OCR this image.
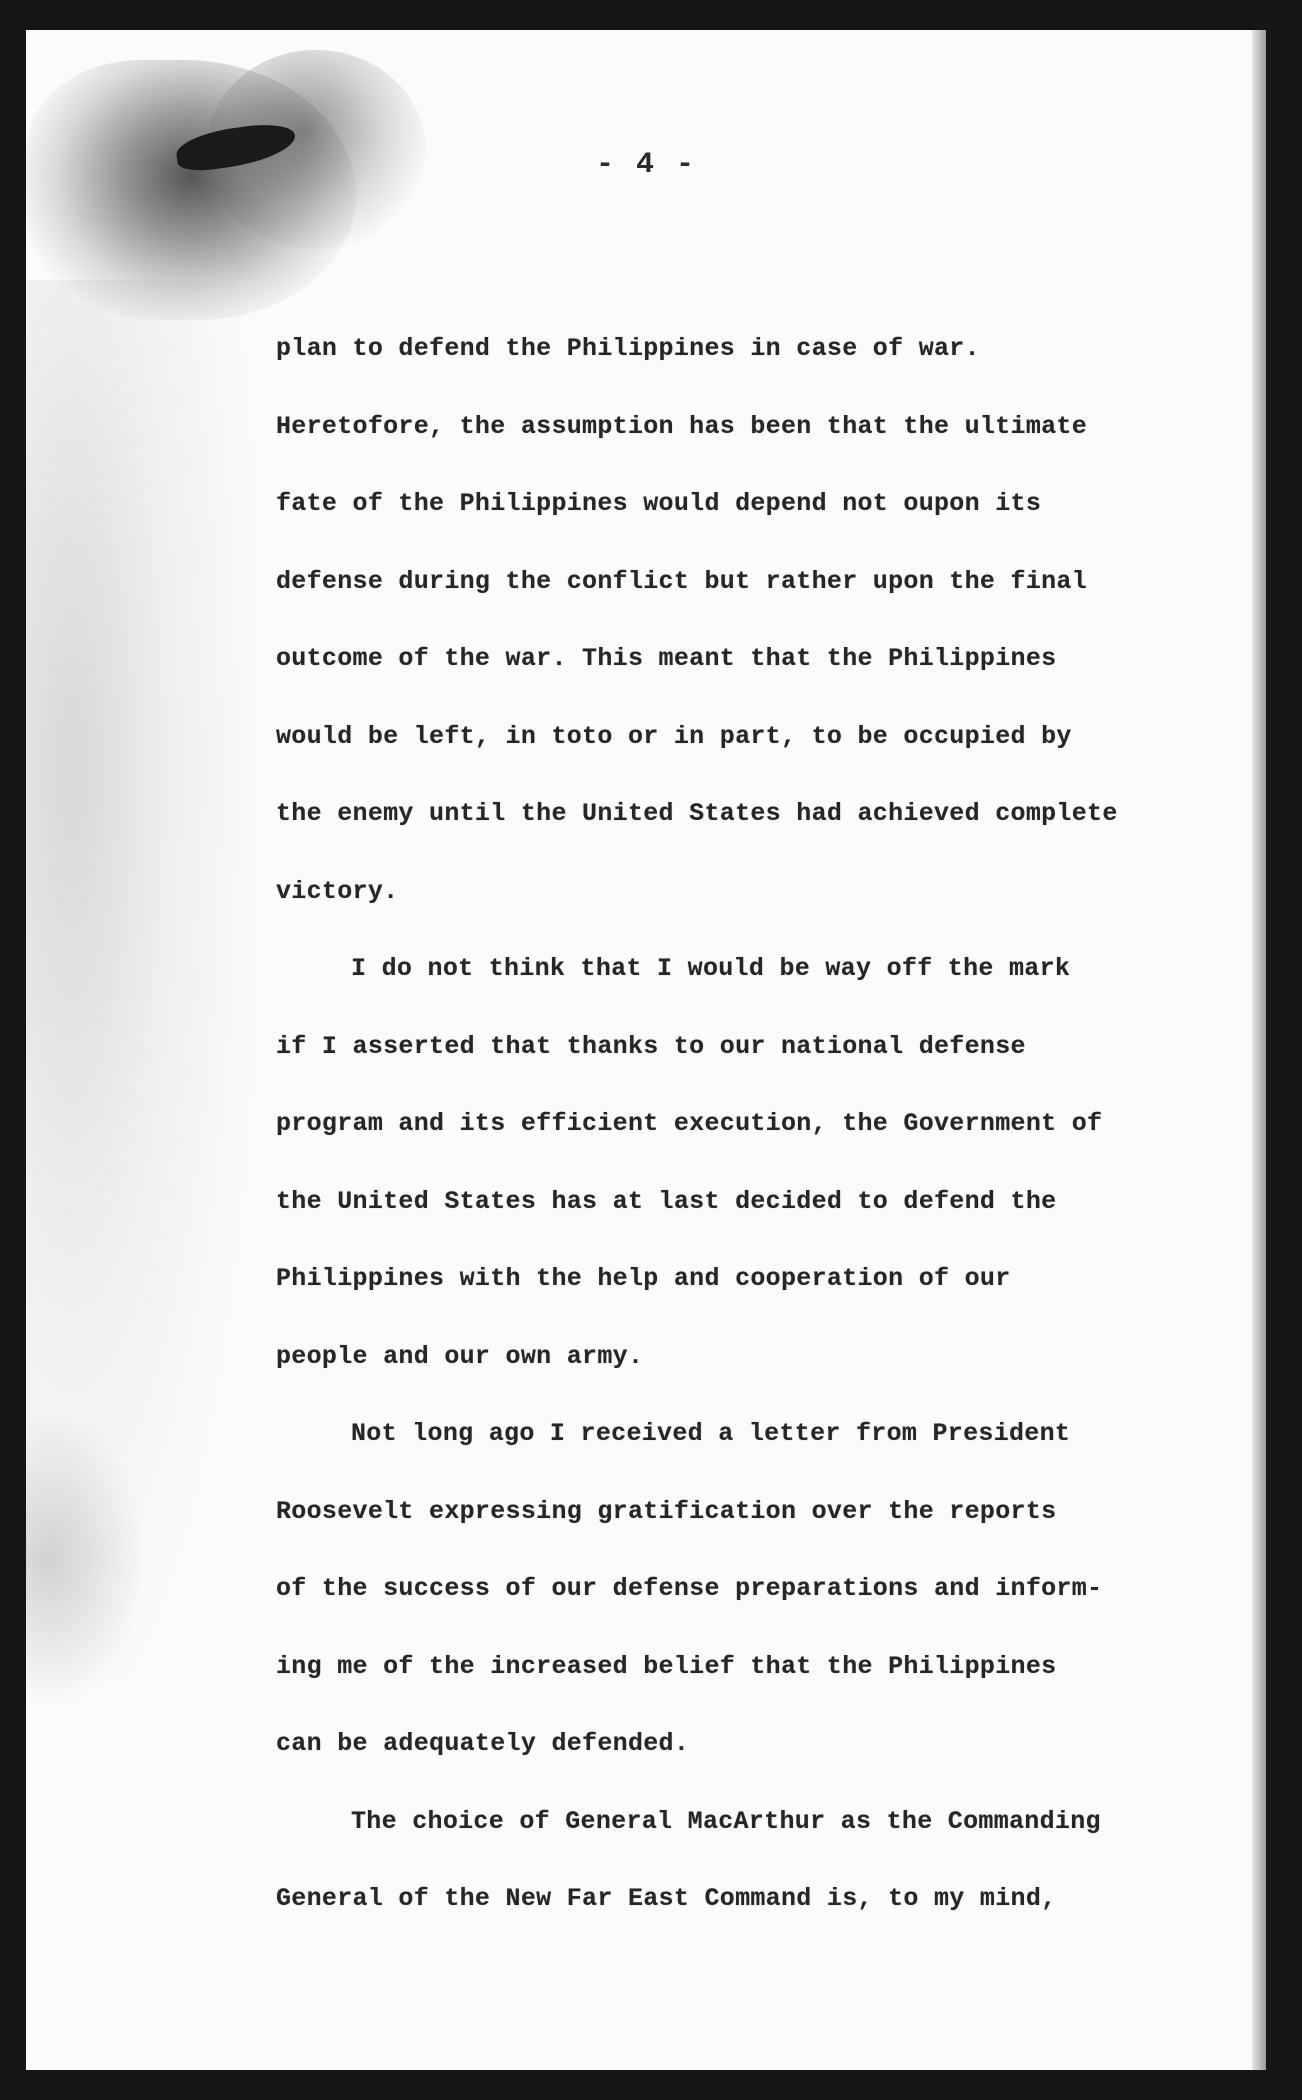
- 4 -
plan to defend the Philippines in case of war.
Heretofore, the assumption has been that the ultimate
fate of the Philippines would depend not oupon its
defense during the conflict but rather upon the final
outcome of the war. This meant that the Philippines
would be left, in toto or in part, to be occupied by
the enemy until the United States had achieved complete
victory.
I do not think that I would be way off the mark
if I asserted that thanks to our national defense
program and its efficient execution, the Government of
the United States has at last decided to defend the
Philippines with the help and cooperation of our
people and our own army.
Not long ago I received a letter from President
Roosevelt expressing gratification over the reports
of the success of our defense preparations and inform-
ing me of the increased belief that the Philippines
can be adequately defended.
The choice of General MacArthur as the Commanding
General of the New Far East Command is, to my mind,
